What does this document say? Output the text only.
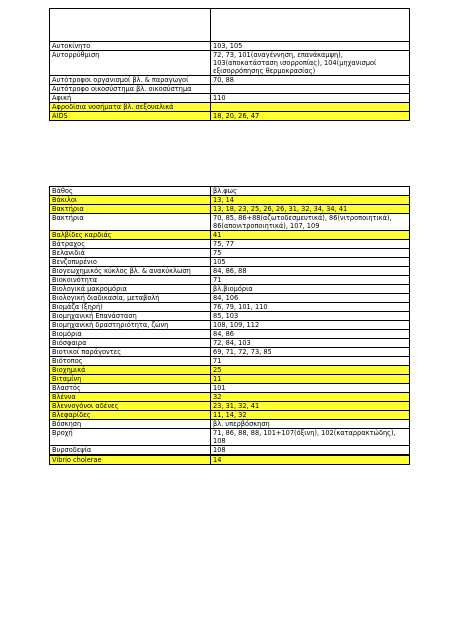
Αυτοκίνητο	103, 105
Αυτορρύθμιση	72, 73, 101(αναγέννηση, επανάκαμψη), 103(αποκατάσταση ισορροπίας), 104(μηχανισμοί εξισορρόπησης θερμοκρασίας)
Αυτότροφοι οργανισμοί βλ. & παραγωγοί	70, 88
Αυτότροφο οικοσύστημα βλ. οικοσύστημα	
Αφική	110
Αφροδίσια νοσήματα βλ. σεξουαλικά	
AIDS	18, 20, 26, 47
Βάθος	βλ.φως
Βάκιλοι	13, 14
Βακτήρια	13, 18, 23, 25, 26, 26, 31, 32, 34, 34, 41
Βακτήρια	70, 85, 86+88(αζωτοδεσμευτικά), 86(νιτροποιητικά), 86(απονιτροποιητικά), 107, 109
Βαλβίδες καρδιάς	41
Βάτραχος	75, 77
Βελανιδιά	75
Βενζοπυρένιο	105
Βιογεωχημικός κύκλος βλ. & ανακύκλωση	84, 86, 88
Βιοκοινότητα	71
Βιολογικά μακρομόρια	βλ.βιομόρια
Βιολογική διαδικασία, μεταβολή	84, 106
Βιομάζα (ξηρή)	76, 79, 101, 110
Βιομηχανική Επανάσταση	85, 103
Βιομηχανική δραστηριότητα, ζώνη	108, 109, 112
Βιομόρια	84, 86
Βιόσφαιρα	72, 84, 103
Βιοτικοί παράγοντες	69, 71, 72, 73, 85
Βιότοπος	71
Βιοχημικά	25
Βιταμίνη	11
Βλαστός	101
Βλέννα	32
Βλεννογόνοι αδένες	23, 31, 32, 41
Βλεφαρίδες	11, 14, 32
Βόσκηση	βλ. υπερβόσκηση
Βροχή	71, 86, 88, 88, 101+107(όξινη), 102(καταρρακτώδης), 108
Βυρσοδεψία	108

Vibrio cholerae	14
